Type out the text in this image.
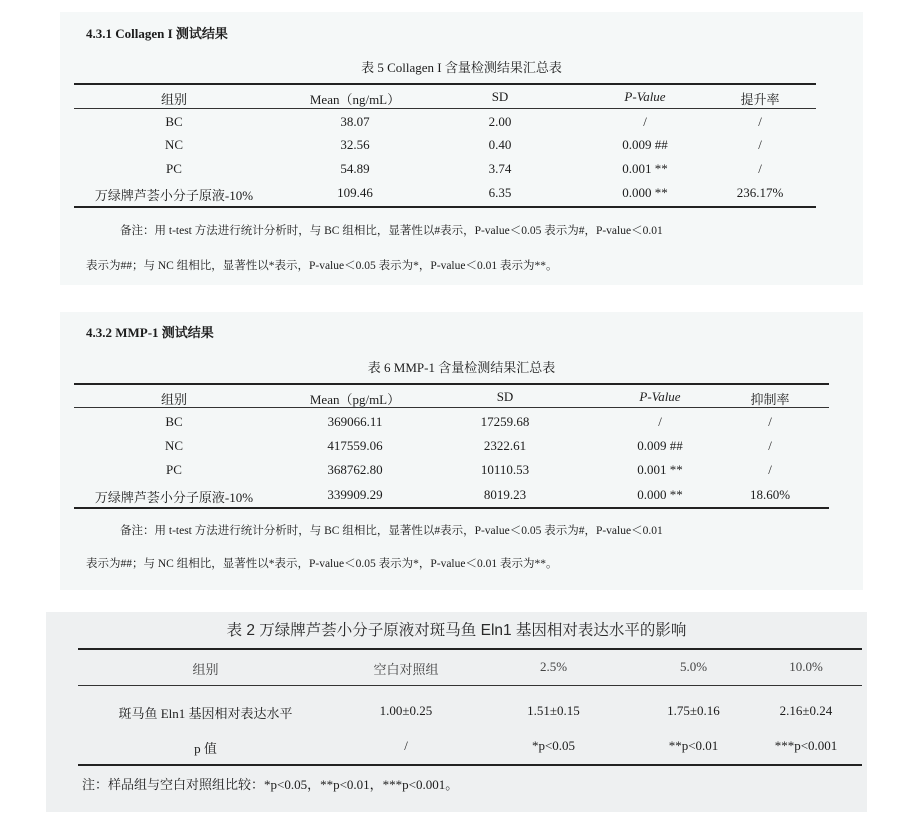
4.3.1 Collagen I 测试结果
表 5 Collagen I 含量检测结果汇总表
组别	Mean（ng/mL）	SD	P-Value	提升率
BC	38.07	2.00	/	/
NC	32.56	0.40	0.009 ##	/
PC	54.89	3.74	0.001 **	/
万绿牌芦荟小分子原液-10%	109.46	6.35	0.000 **	236.17%
备注：用 t-test 方法进行统计分析时，与 BC 组相比，显著性以#表示，P-value＜0.05 表示为#，P-value＜0.01
表示为##；与 NC 组相比，显著性以*表示，P-value＜0.05 表示为*，P-value＜0.01 表示为**。
4.3.2 MMP-1 测试结果
表 6 MMP-1 含量检测结果汇总表
组别	Mean（pg/mL）	SD	P-Value	抑制率
BC	369066.11	17259.68	/	/
NC	417559.06	2322.61	0.009 ##	/
PC	368762.80	10110.53	0.001 **	/
万绿牌芦荟小分子原液-10%	339909.29	8019.23	0.000 **	18.60%
备注：用 t-test 方法进行统计分析时，与 BC 组相比，显著性以#表示，P-value＜0.05 表示为#，P-value＜0.01
表示为##；与 NC 组相比，显著性以*表示，P-value＜0.05 表示为*，P-value＜0.01 表示为**。
表 2 万绿牌芦荟小分子原液对斑马鱼 Eln1 基因相对表达水平的影响
组别	空白对照组	2.5%	5.0%	10.0%
斑马鱼 Eln1 基因相对表达水平	1.00±0.25	1.51±0.15	1.75±0.16	2.16±0.24
p 值	/	*p<0.05	**p<0.01	***p<0.001
注：样品组与空白对照组比较：*p<0.05，**p<0.01，***p<0.001。
